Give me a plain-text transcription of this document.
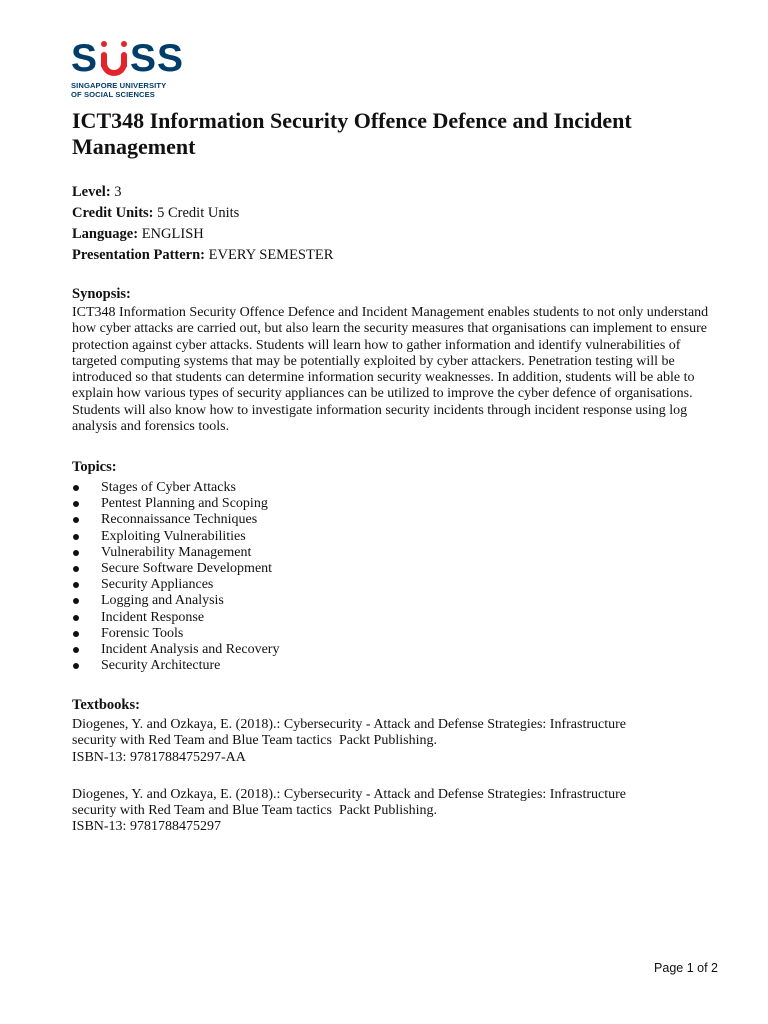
S S S
SINGAPORE UNIVERSITY
OF SOCIAL SCIENCES
ICT348 Information Security Offence Defence and Incident Management
Level: 3
Credit Units: 5 Credit Units
Language: ENGLISH
Presentation Pattern: EVERY SEMESTER
Synopsis:
ICT348 Information Security Offence Defence and Incident Management enables students to not only understand how cyber attacks are carried out, but also learn the security measures that organisations can implement to ensure protection against cyber attacks. Students will learn how to gather information and identify vulnerabilities of targeted computing systems that may be potentially exploited by cyber attackers. Penetration testing will be introduced so that students can determine information security weaknesses. In addition, students will be able to explain how various types of security appliances can be utilized to improve the cyber defence of organisations. Students will also know how to investigate information security incidents through incident response using log analysis and forensics tools.
Topics:
Stages of Cyber Attacks
Pentest Planning and Scoping
Reconnaissance Techniques
Exploiting Vulnerabilities
Vulnerability Management
Secure Software Development
Security Appliances
Logging and Analysis
Incident Response
Forensic Tools
Incident Analysis and Recovery
Security Architecture
Textbooks:
Diogenes, Y. and Ozkaya, E. (2018).: Cybersecurity - Attack and Defense Strategies: Infrastructure
security with Red Team and Blue Team tactics  Packt Publishing.
ISBN-13: 9781788475297-AA
Diogenes, Y. and Ozkaya, E. (2018).: Cybersecurity - Attack and Defense Strategies: Infrastructure
security with Red Team and Blue Team tactics  Packt Publishing.
ISBN-13: 9781788475297
Page 1 of 2
